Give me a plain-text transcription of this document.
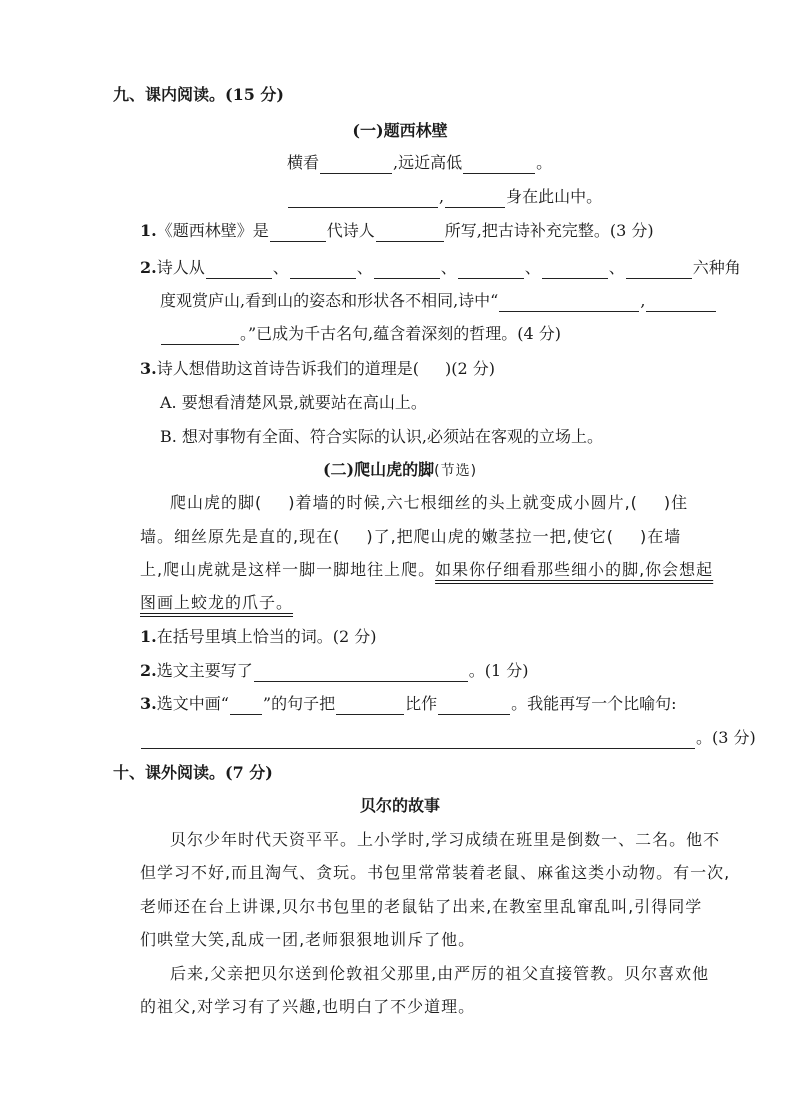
九、课内阅读。(15 分)
(一)题西林壁
横看	,远近高低	。
,	身在此山中。
1.《题西林壁》是	代诗人	所写,把古诗补充完整。(3 分)
2.诗人从	、	、	、	、	、	六种角
度观赏庐山,看到山的姿态和形状各不相同,诗中“	,
。”已成为千古名句,蕴含着深刻的哲理。(4 分)
3.诗人想借助这首诗告诉我们的道理是( )(2 分)
A. 要想看清楚风景,就要站在高山上。
B. 想对事物有全面、符合实际的认识,必须站在客观的立场上。
(二)爬山虎的脚(节选)
爬山虎的脚( )着墙的时候,六七根细丝的头上就变成小圆片,( )住
墙。细丝原先是直的,现在( )了,把爬山虎的嫩茎拉一把,使它( )在墙
上,爬山虎就是这样一脚一脚地往上爬。如果你仔细看那些细小的脚,你会想起
图画上蛟龙的爪子。
1.在括号里填上恰当的词。(2 分)
2.选文主要写了	。(1 分)
3.选文中画“ ”的句子把	比作	。我能再写一个比喻句:
。(3 分)
十、课外阅读。(7 分)
贝尔的故事
贝尔少年时代天资平平。上小学时,学习成绩在班里是倒数一、二名。他不
但学习不好,而且淘气、贪玩。书包里常常装着老鼠、麻雀这类小动物。有一次,
老师还在台上讲课,贝尔书包里的老鼠钻了出来,在教室里乱窜乱叫,引得同学
们哄堂大笑,乱成一团,老师狠狠地训斥了他。
后来,父亲把贝尔送到伦敦祖父那里,由严厉的祖父直接管教。贝尔喜欢他
的祖父,对学习有了兴趣,也明白了不少道理。
